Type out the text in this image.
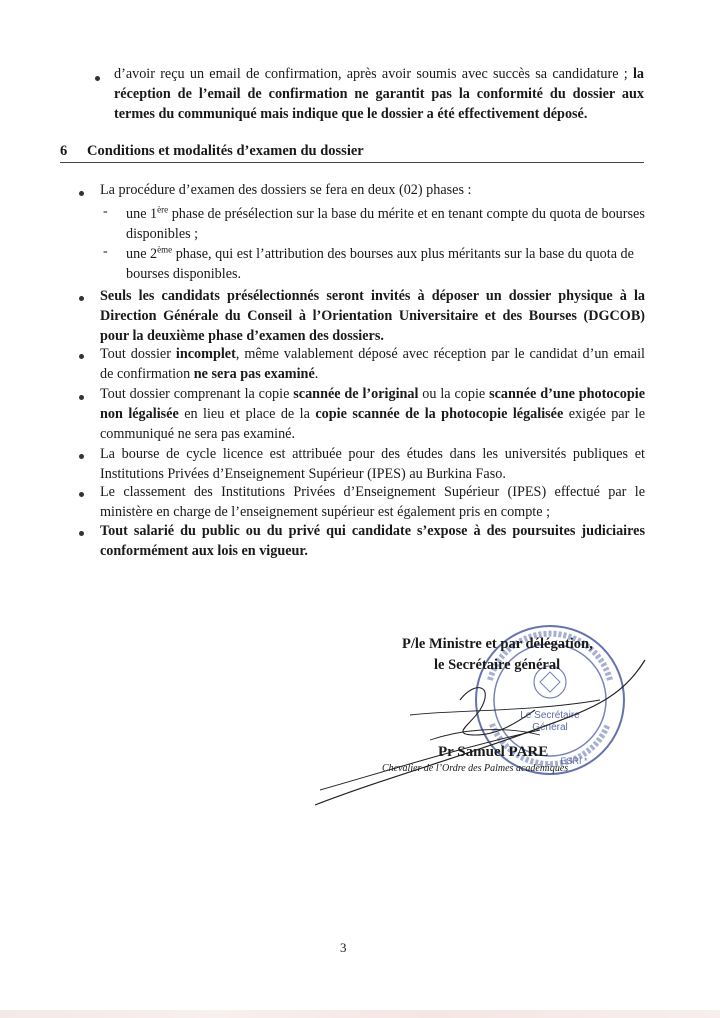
d’avoir reçu un email de confirmation, après avoir soumis avec succès sa candidature ; la réception de l’email de confirmation ne garantit pas la conformité du dossier aux termes du communiqué mais indique que le dossier a été effectivement déposé.
6 Conditions et modalités d’examen du dossier
La procédure d’examen des dossiers se fera en deux (02) phases :
- une 1ère phase de présélection sur la base du mérite et en tenant compte du quota de bourses disponibles ;
- une 2ème phase, qui est l’attribution des bourses aux plus méritants sur la base du quota de bourses disponibles.
Seuls les candidats présélectionnés seront invités à déposer un dossier physique à la Direction Générale du Conseil à l’Orientation Universitaire et des Bourses (DGCOB) pour la deuxième phase d’examen des dossiers.
Tout dossier incomplet, même valablement déposé avec réception par le candidat d’un email de confirmation ne sera pas examiné.
Tout dossier comprenant la copie scannée de l’original ou la copie scannée d’une photocopie non légalisée en lieu et place de la copie scannée de la photocopie légalisée exigée par le communiqué ne sera pas examiné.
La bourse de cycle licence est attribuée pour des études dans les universités publiques et Institutions Privées d’Enseignement Supérieur (IPES) au Burkina Faso.
Le classement des Institutions Privées d’Enseignement Supérieur (IPES) effectué par le ministère en charge de l’enseignement supérieur est également pris en compte ;
Tout salarié du public ou du privé qui candidate s’expose à des poursuites judiciaires conformément aux lois en vigueur.
Le Secrétaire
Général
ESRI *
P/le Ministre et par délégation,
le Secrétaire général
Pr Samuel PARE
Chevalier de l’Ordre des Palmes académiques
3
